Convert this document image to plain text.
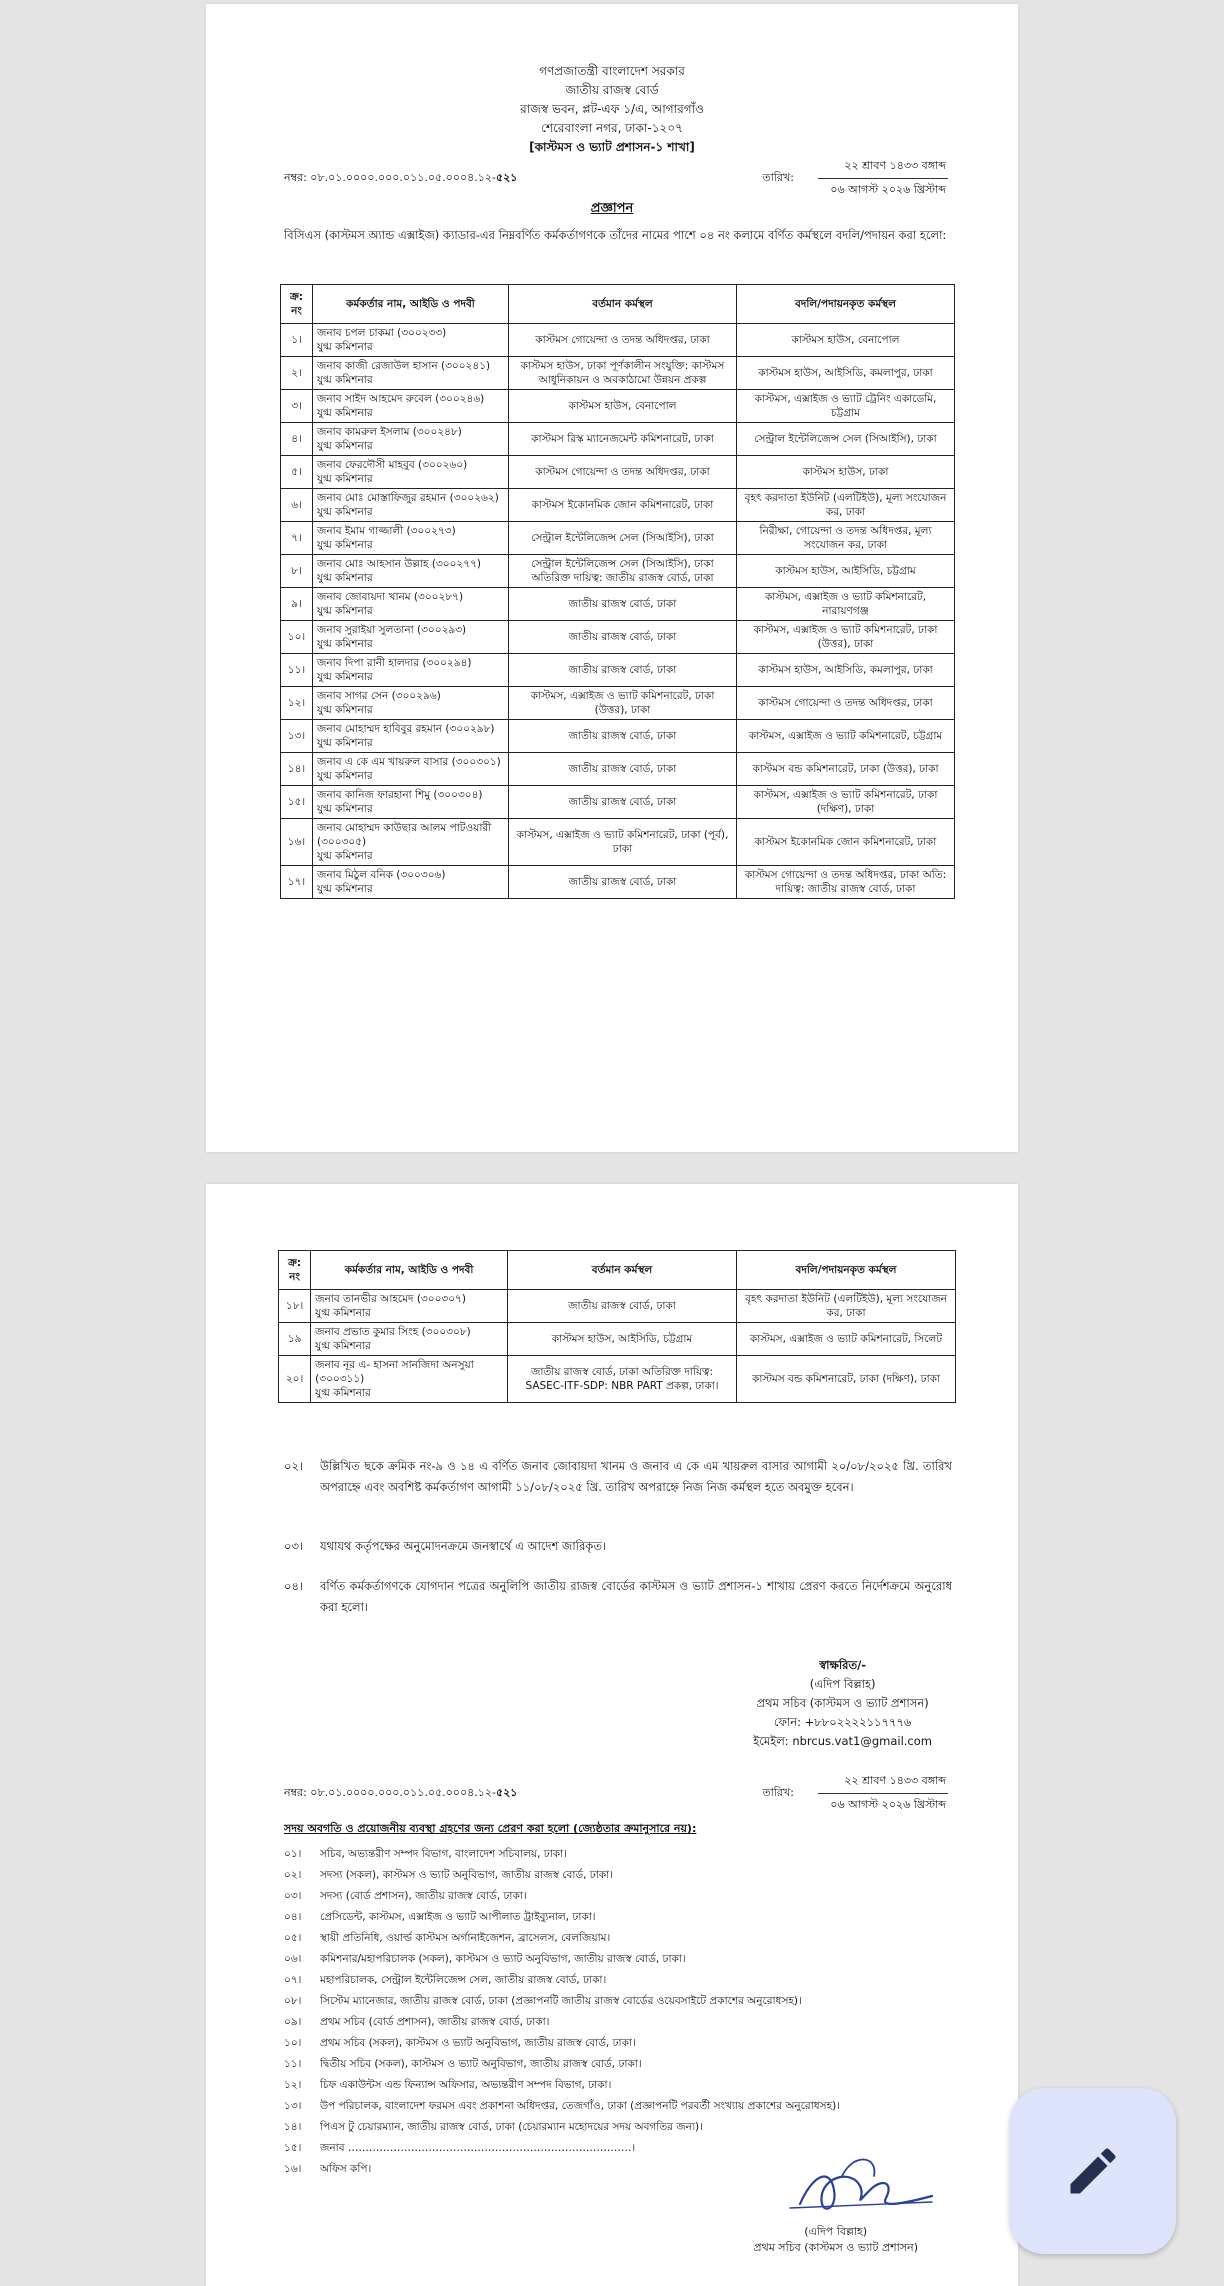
গণপ্রজাতন্ত্রী বাংলাদেশ সরকার
জাতীয় রাজস্ব বোর্ড
রাজস্ব ভবন, প্লট-এফ ১/এ, আগারগাঁও
শেরেবাংলা নগর, ঢাকা-১২০৭
[কাস্টমস ও ভ্যাট প্রশাসন-১ শাখা]
নম্বর: ০৮.০১.০০০০.০০০.০১১.০৫.০০০৪.১২-৫২১	তারিখ:
২২ শ্রাবণ ১৪৩৩ বঙ্গাব্দ
০৬ আগস্ট ২০২৬ খ্রিস্টাব্দ
প্রজ্ঞাপন
বিসিএস (কাস্টমস অ্যান্ড এক্সাইজ) ক্যাডার-এর নিম্নবর্ণিত কর্মকর্তাগণকে তাঁদের নামের পাশে ০৪ নং কলামে বর্ণিত কর্মস্থলে বদলি/পদায়ন করা হলো:
ক্র: নং	কর্মকর্তার নাম, আইডি ও পদবী	বর্তমান কর্মস্থল	বদলি/পদায়নকৃত কর্মস্থল
১।	জনাব চপল চাকমা (৩০০২৩৩)
যুগ্ম কমিশনার	কাস্টমস গোয়েন্দা ও তদন্ত অধিদপ্তর, ঢাকা	কাস্টমস হাউস, বেনাপোল
২।	জনাব কাজী রেজাউল হাসান (৩০০২৪১)
যুগ্ম কমিশনার	কাস্টমস হাউস, ঢাকা পূর্ণকালীন সংযুক্তি: কাস্টমস আধুনিকায়ন ও অবকাঠামো উন্নয়ন প্রকল্প	কাস্টমস হাউস, আইসিডি, কমলাপুর, ঢাকা
৩।	জনাব সাইদ আহমেদ রুবেল (৩০০২৪৬)
যুগ্ম কমিশনার	কাস্টমস হাউস, বেনাপোল	কাস্টমস, এক্সাইজ ও ভ্যাট ট্রেনিং একাডেমি, চট্টগ্রাম
৪।	জনাব কামরুল ইসলাম (৩০০২৪৮)
যুগ্ম কমিশনার	কাস্টমস রিস্ক ম্যানেজমেন্ট কমিশনারেট, ঢাকা	সেন্ট্রাল ইন্টেলিজেন্স সেল (সিআইসি), ঢাকা
৫।	জনাব ফেরদৌসী মাহবুব (৩০০২৬০)
যুগ্ম কমিশনার	কাস্টমস গোয়েন্দা ও তদন্ত অধিদপ্তর, ঢাকা	কাস্টমস হাউস, ঢাকা
৬।	জনাব মোঃ মোস্তাফিজুর রহমান (৩০০২৬২)
যুগ্ম কমিশনার	কাস্টমস ইকোনমিক জোন কমিশনারেট, ঢাকা	বৃহৎ করদাতা ইউনিট (এলটিইউ), মূল্য সংযোজন কর, ঢাকা
৭।	জনাব ইমাম গাজ্জালী (৩০০২৭৩)
যুগ্ম কমিশনার	সেন্ট্রাল ইন্টেলিজেন্স সেল (সিআইসি), ঢাকা	নিরীক্ষা, গোয়েন্দা ও তদন্ত অধিদপ্তর, মূল্য সংযোজন কর, ঢাকা
৮।	জনাব মোঃ আহসান উল্লাহ (৩০০২৭৭)
যুগ্ম কমিশনার	সেন্ট্রাল ইন্টেলিজেন্স সেল (সিআইসি), ঢাকা অতিরিক্ত দায়িত্ব: জাতীয় রাজস্ব বোর্ড, ঢাকা	কাস্টমস হাউস, আইসিডি, চট্টগ্রাম
৯।	জনাব জোবায়দা খানম (৩০০২৮৭)
যুগ্ম কমিশনার	জাতীয় রাজস্ব বোর্ড, ঢাকা	কাস্টমস, এক্সাইজ ও ভ্যাট কমিশনারেট, নারায়ণগঞ্জ
১০।	জনাব সুরাইয়া সুলতানা (৩০০২৯৩)
যুগ্ম কমিশনার	জাতীয় রাজস্ব বোর্ড, ঢাকা	কাস্টমস, এক্সাইজ ও ভ্যাট কমিশনারেট, ঢাকা (উত্তর), ঢাকা
১১।	জনাব দিপা রানী হালদার (৩০০২৯৪)
যুগ্ম কমিশনার	জাতীয় রাজস্ব বোর্ড, ঢাকা	কাস্টমস হাউস, আইসিডি, কমলাপুর, ঢাকা
১২।	জনাব সাগর সেন (৩০০২৯৬)
যুগ্ম কমিশনার	কাস্টমস, এক্সাইজ ও ভ্যাট কমিশনারেট, ঢাকা (উত্তর), ঢাকা	কাস্টমস গোয়েন্দা ও তদন্ত অধিদপ্তর, ঢাকা
১৩।	জনাব মোহাম্মদ হাবিবুর রহমান (৩০০২৯৮)
যুগ্ম কমিশনার	জাতীয় রাজস্ব বোর্ড, ঢাকা	কাস্টমস, এক্সাইজ ও ভ্যাট কমিশনারেট, চট্টগ্রাম
১৪।	জনাব এ কে এম খায়রুল বাসার (৩০০৩০১)
যুগ্ম কমিশনার	জাতীয় রাজস্ব বোর্ড, ঢাকা	কাস্টমস বন্ড কমিশনারেট, ঢাকা (উত্তর), ঢাকা
১৫।	জনাব কানিজ ফারহানা শিমু (৩০০৩০৪)
যুগ্ম কমিশনার	জাতীয় রাজস্ব বোর্ড, ঢাকা	কাস্টমস, এক্সাইজ ও ভ্যাট কমিশনারেট, ঢাকা (দক্ষিণ), ঢাকা
১৬।	জনাব মোহাম্মদ কাউছার আলম পাটওয়ারী (৩০০৩০৫)
যুগ্ম কমিশনার	কাস্টমস, এক্সাইজ ও ভ্যাট কমিশনারেট, ঢাকা (পূর্ব), ঢাকা	কাস্টমস ইকোনমিক জোন কমিশনারেট, ঢাকা
১৭।	জনাব মিঠুল বনিক (৩০০৩০৬)
যুগ্ম কমিশনার	জাতীয় রাজস্ব বোর্ড, ঢাকা	কাস্টমস গোয়েন্দা ও তদন্ত অধিদপ্তর, ঢাকা অতি: দায়িত্ব: জাতীয় রাজস্ব বোর্ড, ঢাকা
ক্র: নং	কর্মকর্তার নাম, আইডি ও পদবী	বর্তমান কর্মস্থল	বদলি/পদায়নকৃত কর্মস্থল
১৮।	জনাব তানভীর আহমেদ (৩০০৩০৭)
যুগ্ম কমিশনার	জাতীয় রাজস্ব বোর্ড, ঢাকা	বৃহৎ করদাতা ইউনিট (এলটিইউ), মূল্য সংযোজন কর, ঢাকা
১৯	জনাব প্রভাত কুমার সিংহ (৩০০৩০৮)
যুগ্ম কমিশনার	কাস্টমস হাউস, আইসিডি, চট্টগ্রাম	কাস্টমস, এক্সাইজ ও ভ্যাট কমিশনারেট, সিলেট
২০।	জনাব নূর এ- হাসনা সানজিদা অনসুয়া (৩০০৩১১)
যুগ্ম কমিশনার	জাতীয় রাজস্ব বোর্ড, ঢাকা অতিরিক্ত দায়িত্ব: SASEC-ITF-SDP: NBR PART প্রকল্প, ঢাকা।	কাস্টমস বন্ড কমিশনারেট, ঢাকা (দক্ষিণ), ঢাকা
০২। উল্লিখিত ছকে ক্রমিক নং-৯ ও ১৪ এ বর্ণিত জনাব জোবায়দা খানম ও জনাব এ কে এম খায়রুল বাসার আগামী ২০/০৮/২০২৫ খ্রি. তারিখ অপরাহ্নে এবং অবশিষ্ট কর্মকর্তাগণ আগামী ১১/০৮/২০২৫ খ্রি. তারিখ অপরাহ্নে নিজ নিজ কর্মস্থল হতে অবমুক্ত হবেন।
০৩। যথাযথ কর্তৃপক্ষের অনুমোদনক্রমে জনস্বার্থে এ আদেশ জারিকৃত।
০৪। বর্ণিত কর্মকর্তাগণকে যোগদান পত্রের অনুলিপি জাতীয় রাজস্ব বোর্ডের কাস্টমস ও ভ্যাট প্রশাসন-১ শাখায় প্রেরণ করতে নির্দেশক্রমে অনুরোধ করা হলো।
স্বাক্ষরিত/-
(এদিপ বিল্লাহ)
প্রথম সচিব (কাস্টমস ও ভ্যাট প্রশাসন)
ফোন: +৮৮০২২২২১১৭৭৭৬
ইমেইল: nbrcus.vat1@gmail.com
নম্বর: ০৮.০১.০০০০.০০০.০১১.০৫.০০০৪.১২-৫২১	তারিখ:
২২ শ্রাবণ ১৪৩৩ বঙ্গাব্দ
০৬ আগস্ট ২০২৬ খ্রিস্টাব্দ
সদয় অবগতি ও প্রয়োজনীয় ব্যবস্থা গ্রহণের জন্য প্রেরণ করা হলো (জ্যেষ্ঠতার ক্রমানুসারে নয়):
০১। সচিব, অভ্যন্তরীণ সম্পদ বিভাগ, বাংলাদেশ সচিবালয়, ঢাকা।
০২। সদস্য (সকল), কাস্টমস ও ভ্যাট অনুবিভাগ, জাতীয় রাজস্ব বোর্ড, ঢাকা।
০৩। সদস্য (বোর্ড প্রশাসন), জাতীয় রাজস্ব বোর্ড, ঢাকা।
০৪। প্রেসিডেন্ট, কাস্টমস, এক্সাইজ ও ভ্যাট আপীলাত ট্রাইব্যুনাল, ঢাকা।
০৫। স্থায়ী প্রতিনিধি, ওয়ার্ল্ড কাস্টমস অর্গানাইজেশন, ব্রাসেলস, বেলজিয়াম।
০৬। কমিশনার/মহাপরিচালক (সকল), কাস্টমস ও ভ্যাট অনুবিভাগ, জাতীয় রাজস্ব বোর্ড, ঢাকা।
০৭। মহাপরিচালক, সেন্ট্রাল ইন্টেলিজেন্স সেল, জাতীয় রাজস্ব বোর্ড, ঢাকা।
০৮। সিস্টেম ম্যানেজার, জাতীয় রাজস্ব বোর্ড, ঢাকা (প্রজ্ঞাপনটি জাতীয় রাজস্ব বোর্ডের ওয়েবসাইটে প্রকাশের অনুরোধসহ)।
০৯। প্রথম সচিব (বোর্ড প্রশাসন), জাতীয় রাজস্ব বোর্ড, ঢাকা।
১০। প্রথম সচিব (সকল), কাস্টমস ও ভ্যাট অনুবিভাগ, জাতীয় রাজস্ব বোর্ড, ঢাকা।
১১। দ্বিতীয় সচিব (সকল), কাস্টমস ও ভ্যাট অনুবিভাগ, জাতীয় রাজস্ব বোর্ড, ঢাকা।
১২। চিফ একাউন্টস এন্ড ফিন্যান্স অফিসার, অভ্যন্তরীণ সম্পদ বিভাগ, ঢাকা।
১৩। উপ পরিচালক, বাংলাদেশ ফরমস এবং প্রকাশনা অধিদপ্তর, তেজগাঁও, ঢাকা (প্রজ্ঞাপনটি পরবর্তী সংখ্যায় প্রকাশের অনুরোধসহ)।
১৪। পিএস টু চেয়ারম্যান, জাতীয় রাজস্ব বোর্ড, ঢাকা (চেয়ারম্যান মহোদয়ের সদয় অবগতির জন্য)।
১৫। জনাব ………………………………………………………………………।
১৬। অফিস কপি।
(এদিপ বিল্লাহ)
প্রথম সচিব (কাস্টমস ও ভ্যাট প্রশাসন)
